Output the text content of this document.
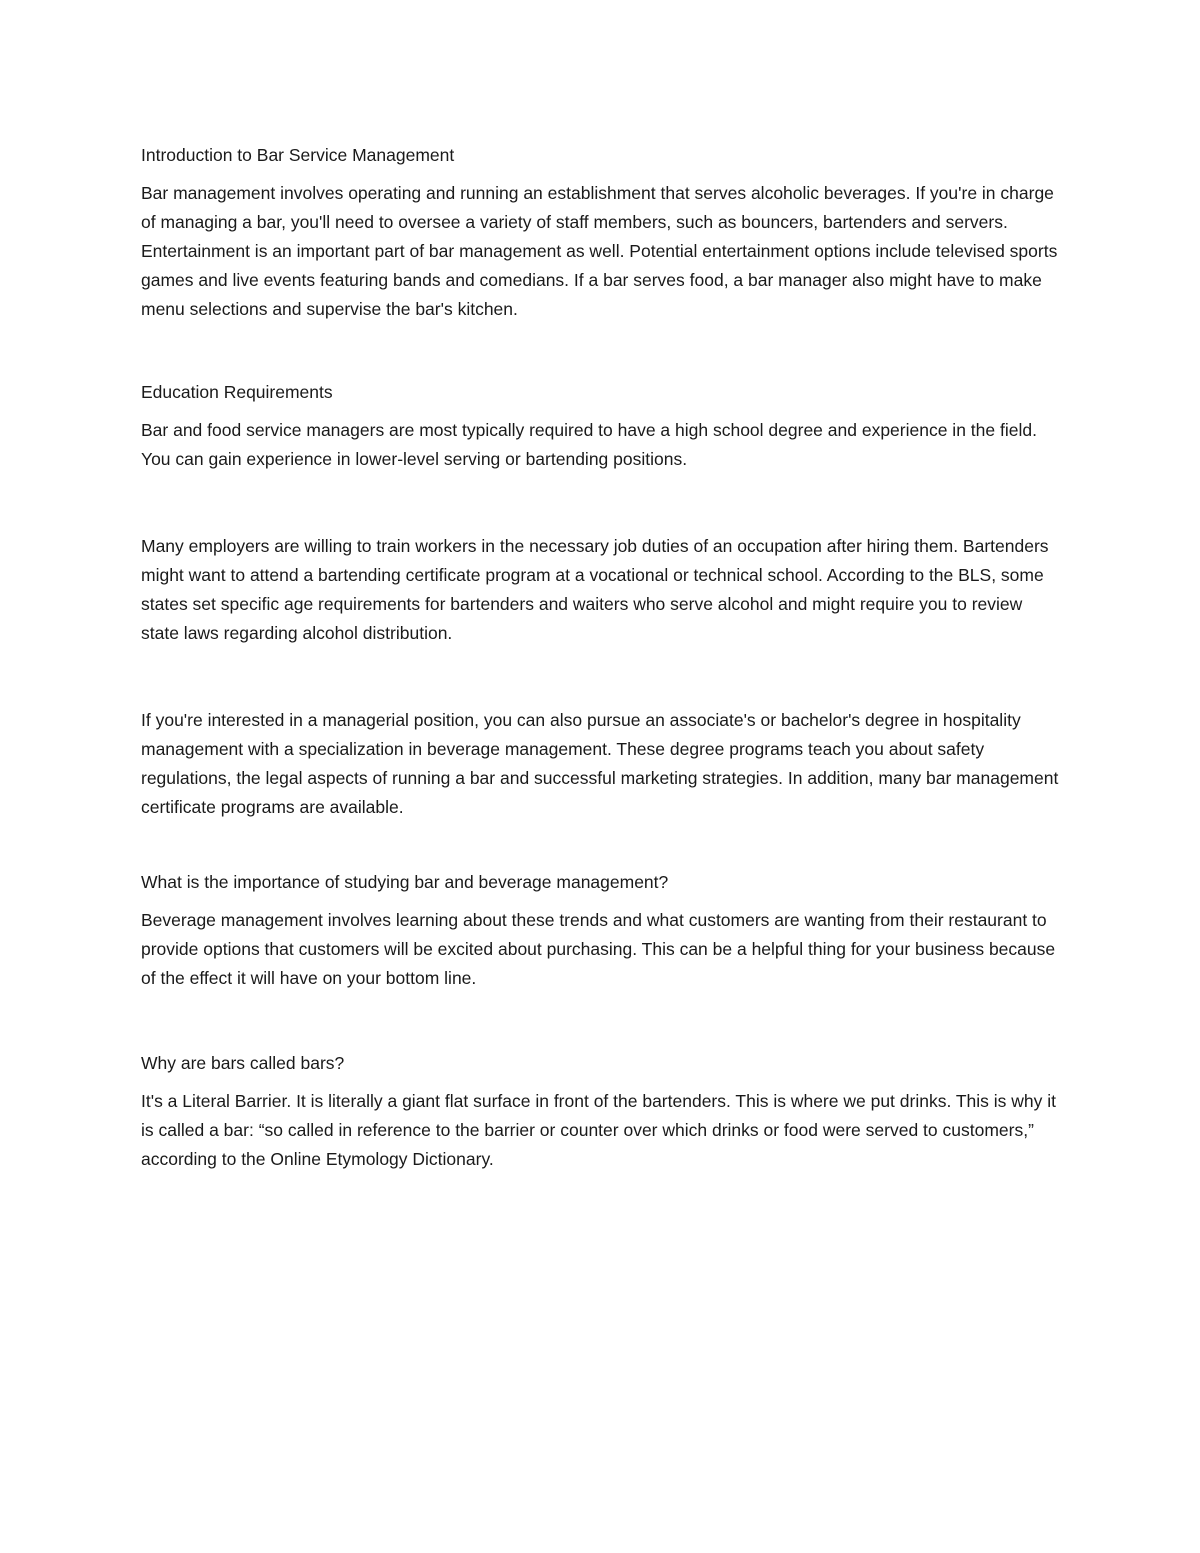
Introduction to Bar Service Management

Bar management involves operating and running an establishment that serves alcoholic beverages. If you're in charge of managing a bar, you'll need to oversee a variety of staff members, such as bouncers, bartenders and servers. Entertainment is an important part of bar management as well. Potential entertainment options include televised sports games and live events featuring bands and comedians. If a bar serves food, a bar manager also might have to make menu selections and supervise the bar's kitchen.

Education Requirements

Bar and food service managers are most typically required to have a high school degree and experience in the field. You can gain experience in lower-level serving or bartending positions.

Many employers are willing to train workers in the necessary job duties of an occupation after hiring them. Bartenders might want to attend a bartending certificate program at a vocational or technical school. According to the BLS, some states set specific age requirements for bartenders and waiters who serve alcohol and might require you to review state laws regarding alcohol distribution.

If you're interested in a managerial position, you can also pursue an associate's or bachelor's degree in hospitality management with a specialization in beverage management. These degree programs teach you about safety regulations, the legal aspects of running a bar and successful marketing strategies. In addition, many bar management certificate programs are available.

What is the importance of studying bar and beverage management?

Beverage management involves learning about these trends and what customers are wanting from their restaurant to provide options that customers will be excited about purchasing. This can be a helpful thing for your business because of the effect it will have on your bottom line.

Why are bars called bars?

It's a Literal Barrier. It is literally a giant flat surface in front of the bartenders. This is where we put drinks. This is why it is called a bar: “so called in reference to the barrier or counter over which drinks or food were served to customers,” according to the Online Etymology Dictionary.
